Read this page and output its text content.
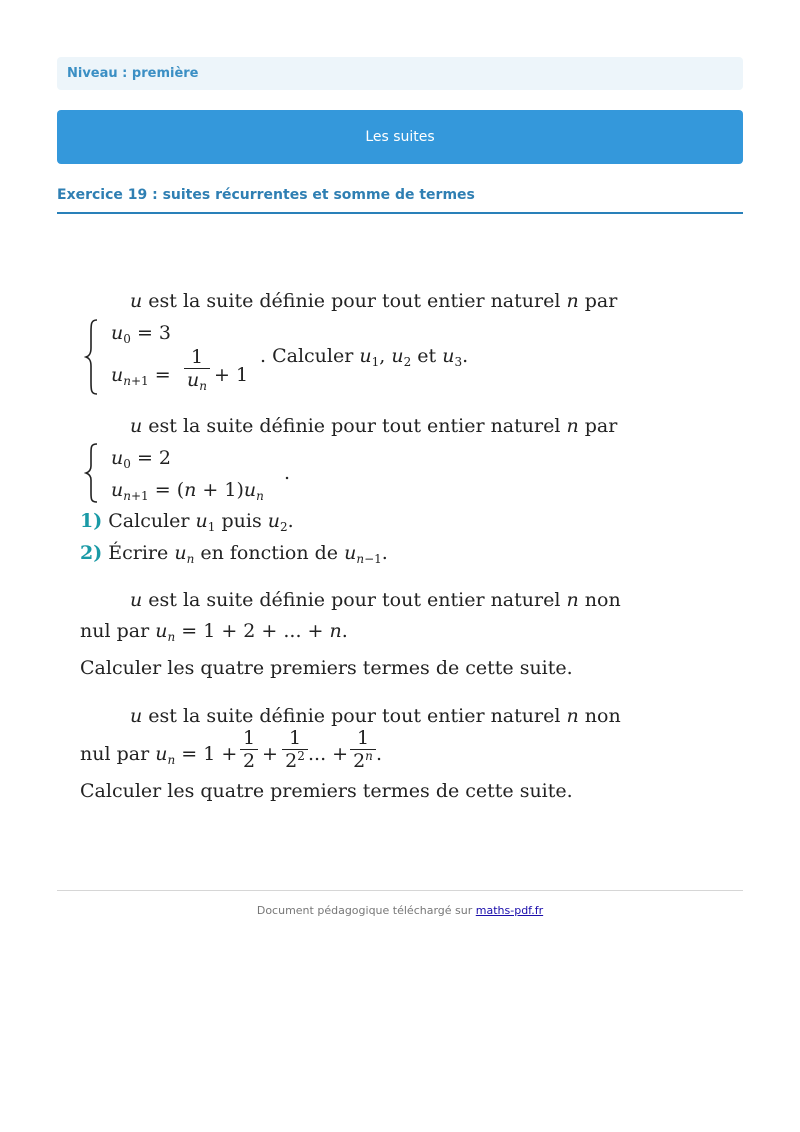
Niveau : première
Les suites
Exercice 19 : suites récurrentes et somme de termes
u est la suite définie pour tout entier naturel n par
$u_0 = 3$
$u_{n+1}$ =
1
$u_n + 1$
. Calculer $u_1$, $u_2$ et $u_3$.
u est la suite définie pour tout entier naturel n par
$u_0 = 2$
$u_{n+1} = (n + 1)u_n$
.
1) Calculer $u_1$ puis $u_2$.
2) Écrire $u_n$ en fonction de $u_{n-1}$.
u est la suite définie pour tout entier naturel n non
nul par $u_n = 1 + 2$ + ... + n.
Calculer les quatre premiers termes de cette suite.
u est la suite définie pour tout entier naturel n non
nul par $u_n = 1$ +
1
2 +
1
$2^2$ ... +
1
2$^n$ .
Calculer les quatre premiers termes de cette suite.
Document pédagogique téléchargé sur maths-pdf.fr
